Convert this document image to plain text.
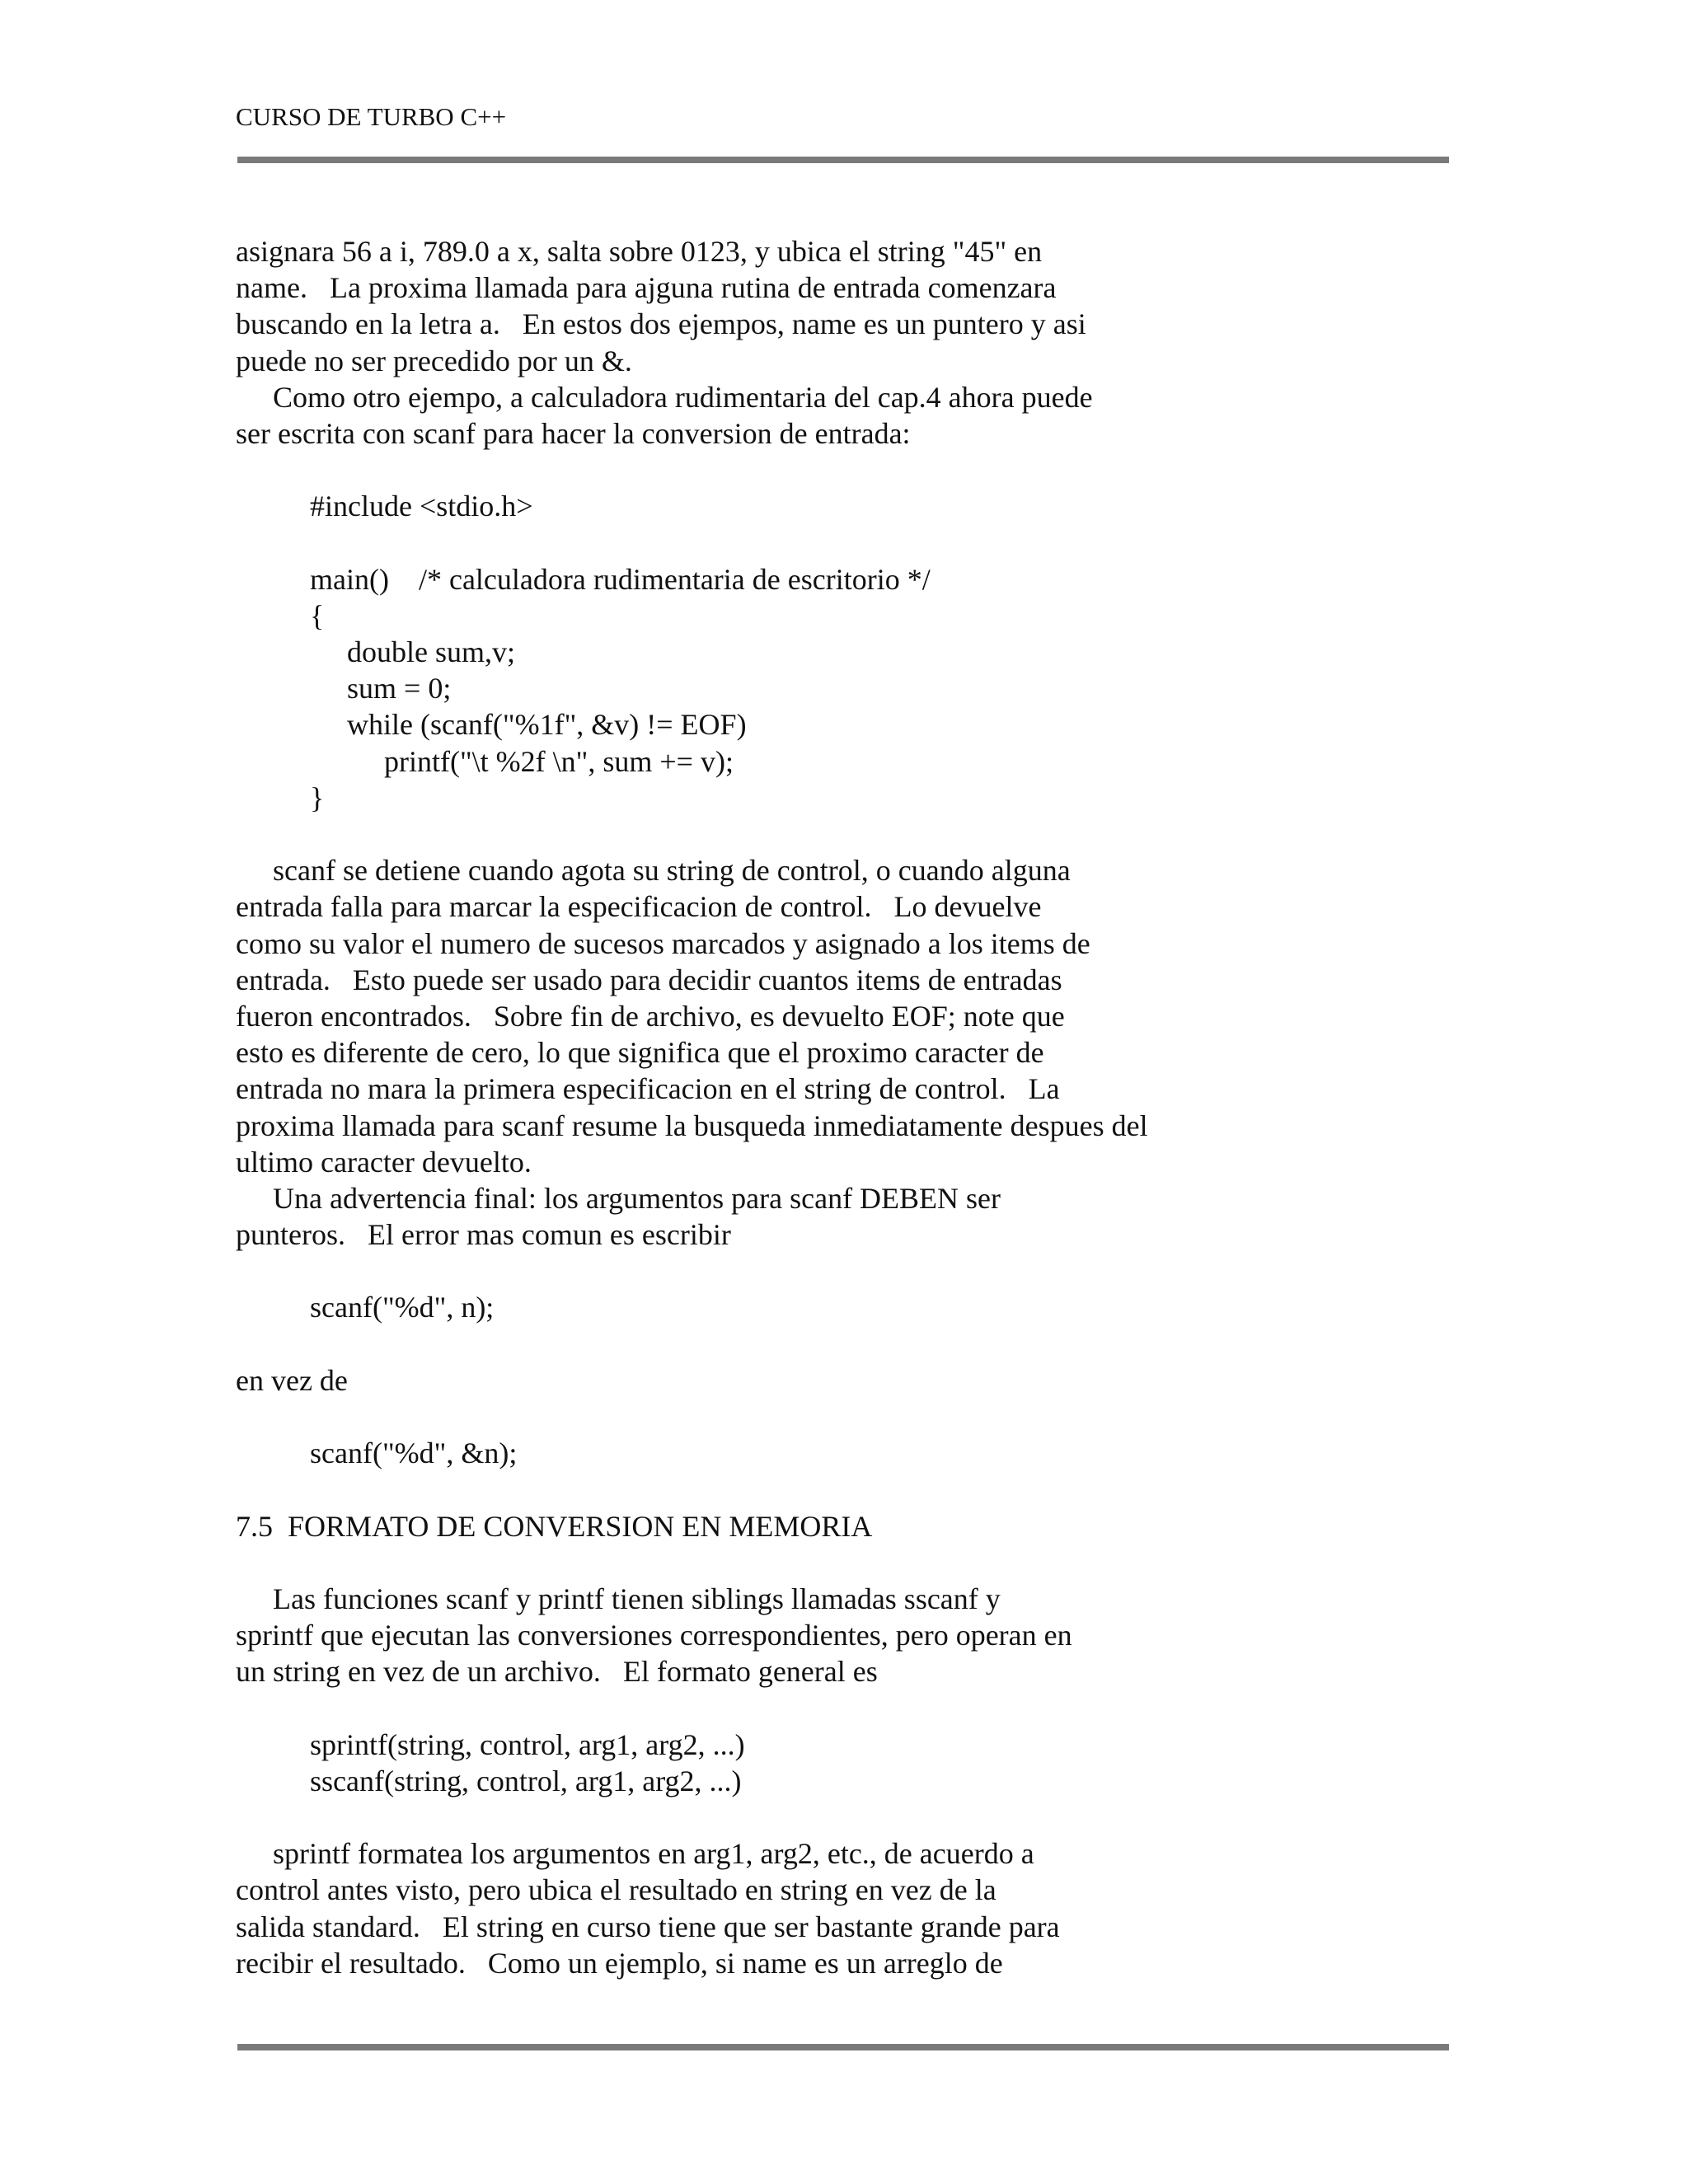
CURSO DE TURBO C++
asignara 56 a i, 789.0 a x, salta sobre 0123, y ubica el string "45" en
name.   La proxima llamada para ajguna rutina de entrada comenzara
buscando en la letra a.   En estos dos ejempos, name es un puntero y asi
puede no ser precedido por un &.
Como otro ejempo, a calculadora rudimentaria del cap.4 ahora puede
ser escrita con scanf para hacer la conversion de entrada:
#include <stdio.h>
main()    /* calculadora rudimentaria de escritorio */
{
double sum,v;
sum = 0;
while (scanf("%1f", &v) != EOF)
printf("\t %2f \n", sum += v);
}
scanf se detiene cuando agota su string de control, o cuando alguna
entrada falla para marcar la especificacion de control.   Lo devuelve
como su valor el numero de sucesos marcados y asignado a los items de
entrada.   Esto puede ser usado para decidir cuantos items de entradas
fueron encontrados.   Sobre fin de archivo, es devuelto EOF; note que
esto es diferente de cero, lo que significa que el proximo caracter de
entrada no mara la primera especificacion en el string de control.   La
proxima llamada para scanf resume la busqueda inmediatamente despues del
ultimo caracter devuelto.
Una advertencia final: los argumentos para scanf DEBEN ser
punteros.   El error mas comun es escribir
scanf("%d", n);
en vez de
scanf("%d", &n);
7.5  FORMATO DE CONVERSION EN MEMORIA
Las funciones scanf y printf tienen siblings llamadas sscanf y
sprintf que ejecutan las conversiones correspondientes, pero operan en
un string en vez de un archivo.   El formato general es
sprintf(string, control, arg1, arg2, ...)
sscanf(string, control, arg1, arg2, ...)
sprintf formatea los argumentos en arg1, arg2, etc., de acuerdo a
control antes visto, pero ubica el resultado en string en vez de la
salida standard.   El string en curso tiene que ser bastante grande para
recibir el resultado.   Como un ejemplo, si name es un arreglo de
